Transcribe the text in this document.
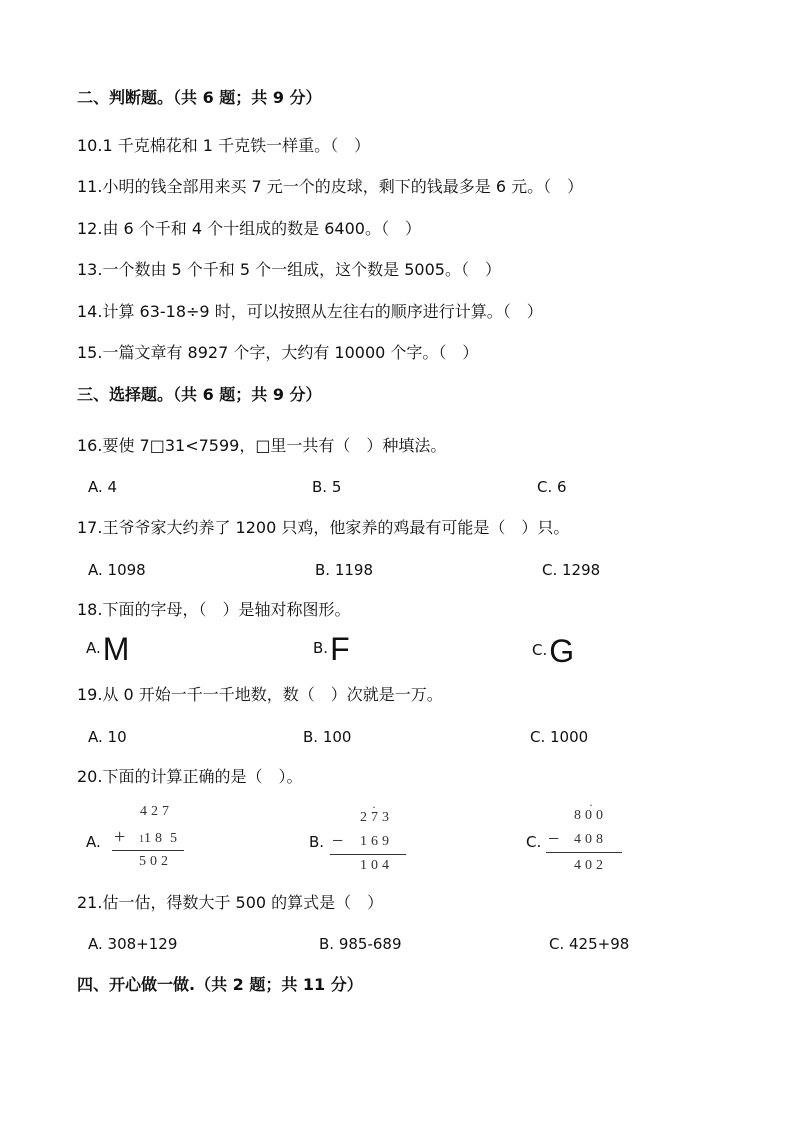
二、判断题。（共 6 题；共 9 分）
10.1 千克棉花和 1 千克铁一样重。（　）
11.小明的钱全部用来买 7 元一个的皮球，剩下的钱最多是 6 元。（　）
12.由 6 个千和 4 个十组成的数是 6400。（　）
13.一个数由 5 个千和 5 个一组成，这个数是 5005。（　）
14.计算 63-18÷9 时，可以按照从左往右的顺序进行计算。（　）
15.一篇文章有 8927 个字，大约有 10000 个字。（　）
三、选择题。（共 6 题；共 9 分）
16.要使 7□31<7599，□里一共有（　）种填法。
A. 4	B. 5	C. 6
17.王爷爷家大约养了 1200 只鸡，他家养的鸡最有可能是（　）只。
A. 1098	B. 1198	C. 1298
18.下面的字母，（　）是轴对称图形。
A.M	B.F	C.G
19.从 0 开始一千一千地数，数（　）次就是一万。
A. 10	B. 100	C. 1000
20.下面的计算正确的是（　）。
A.
427
+ 118 5
502
B.
·
273
− 169
104
C.
·
800
− 408
402
21.估一估，得数大于 500 的算式是（　）
A. 308+129	B. 985-689	C. 425+98
四、开心做一做.（共 2 题；共 11 分）
